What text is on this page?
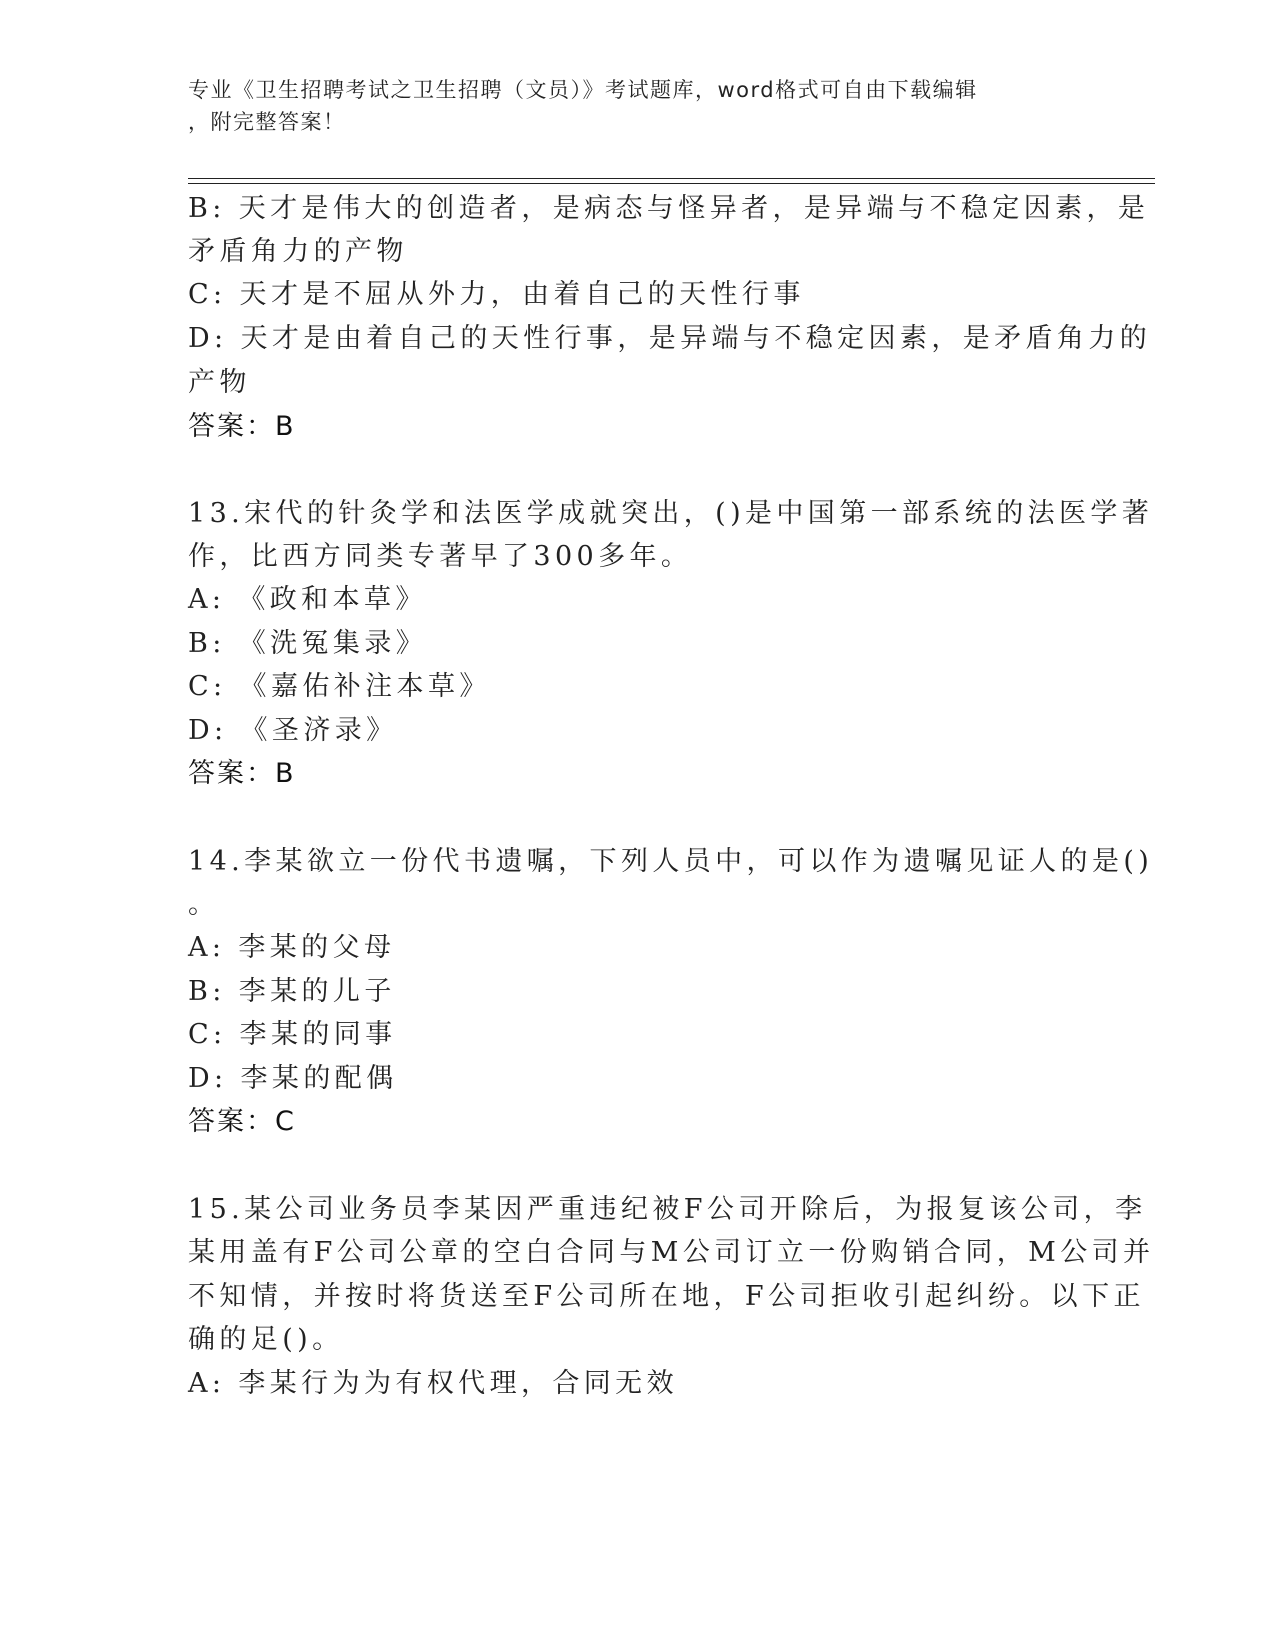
专业《卫生招聘考试之卫生招聘（文员）》考试题库，word格式可自由下载编辑
，附完整答案！
B: 天才是伟大的创造者，是病态与怪异者，是异端与不稳定因素，是
矛盾角力的产物
C: 天才是不屈从外力，由着自己的天性行事
D: 天才是由着自己的天性行事，是异端与不稳定因素，是矛盾角力的
产物
答案：B
13.宋代的针灸学和法医学成就突出，()是中国第一部系统的法医学著
作，比西方同类专著早了300多年。
A: 《政和本草》
B: 《洗冤集录》
C: 《嘉佑补注本草》
D: 《圣济录》
答案：B
14.李某欲立一份代书遗嘱，下列人员中，可以作为遗嘱见证人的是()
。
A: 李某的父母
B: 李某的儿子
C: 李某的同事
D: 李某的配偶
答案：C
15.某公司业务员李某因严重违纪被F公司开除后，为报复该公司，李
某用盖有F公司公章的空白合同与M公司订立一份购销合同，M公司并
不知情，并按时将货送至F公司所在地，F公司拒收引起纠纷。以下正
确的足()。
A: 李某行为为有权代理，合同无效
